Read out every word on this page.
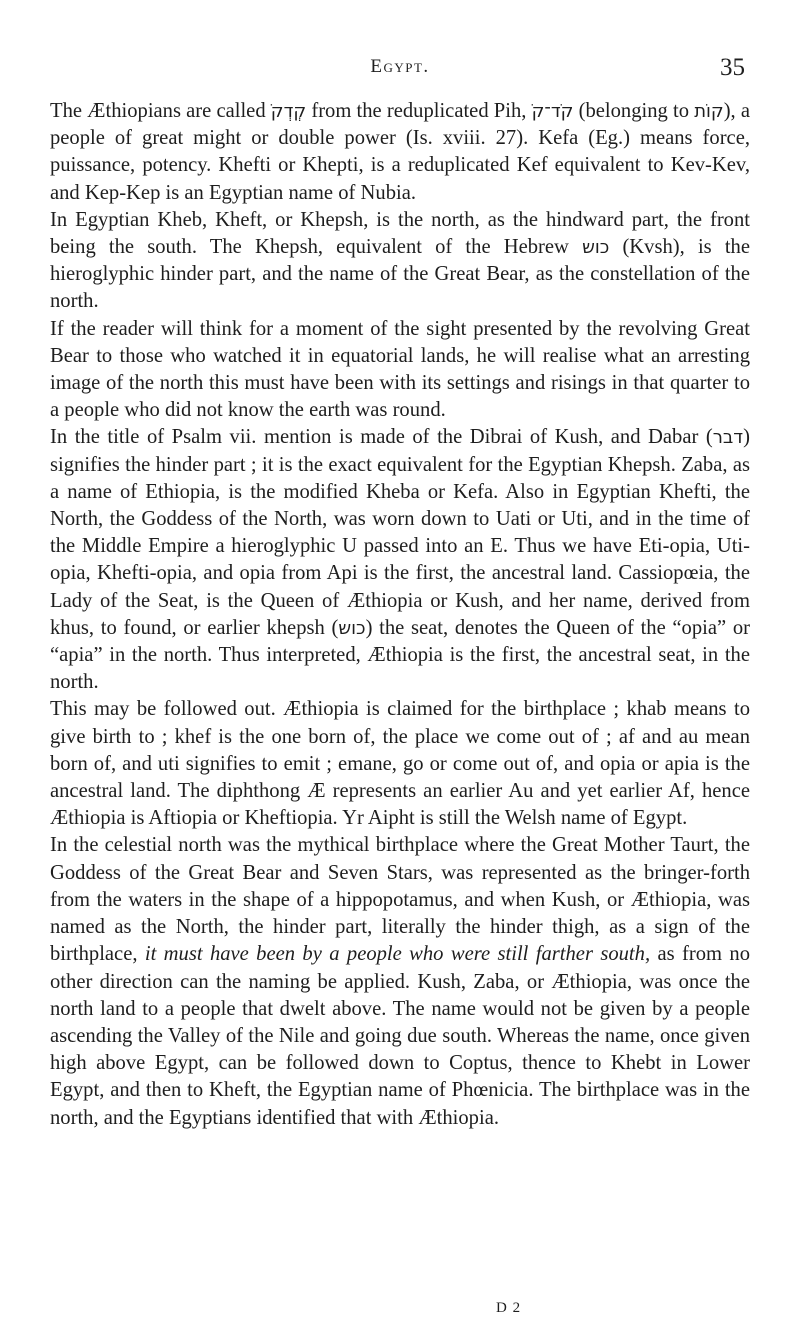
Egypt.	35

The Æthiopians are called קְדְקֹ from the reduplicated Pih, קֹד־קֹ (belonging to קוֹת), a people of great might or double power (Is. xviii. 27). Kefa (Eg.) means force, puissance, potency. Khefti or Khepti, is a reduplicated Kef equivalent to Kev-Kev, and Kep-Kep is an Egyptian name of Nubia.

In Egyptian Kheb, Kheft, or Khepsh, is the north, as the hindward part, the front being the south. The Khepsh, equivalent of the Hebrew כוש (Kvsh), is the hieroglyphic hinder part, and the name of the Great Bear, as the constellation of the north.

If the reader will think for a moment of the sight presented by the revolving Great Bear to those who watched it in equatorial lands, he will realise what an arresting image of the north this must have been with its settings and risings in that quarter to a people who did not know the earth was round.

In the title of Psalm vii. mention is made of the Dibrai of Kush, and Dabar (דבר) signifies the hinder part ; it is the exact equivalent for the Egyptian Khepsh. Zaba, as a name of Ethiopia, is the modified Kheba or Kefa. Also in Egyptian Khefti, the North, the Goddess of the North, was worn down to Uati or Uti, and in the time of the Middle Empire a hieroglyphic U passed into an E. Thus we have Eti-opia, Uti-opia, Khefti-opia, and opia from Api is the first, the ancestral land. Cassiopœia, the Lady of the Seat, is the Queen of Æthiopia or Kush, and her name, derived from khus, to found, or earlier khepsh (כוש) the seat, denotes the Queen of the “opia” or “apia” in the north. Thus interpreted, Æthiopia is the first, the ancestral seat, in the north.

This may be followed out. Æthiopia is claimed for the birthplace ; khab means to give birth to ; khef is the one born of, the place we come out of ; af and au mean born of, and uti signifies to emit ; emane, go or come out of, and opia or apia is the ancestral land. The diphthong Æ represents an earlier Au and yet earlier Af, hence Æthiopia is Aftiopia or Kheftiopia. Yr Aipht is still the Welsh name of Egypt.

In the celestial north was the mythical birthplace where the Great Mother Taurt, the Goddess of the Great Bear and Seven Stars, was represented as the bringer-forth from the waters in the shape of a hippopotamus, and when Kush, or Æthiopia, was named as the North, the hinder part, literally the hinder thigh, as a sign of the birthplace, it must have been by a people who were still farther south, as from no other direction can the naming be applied. Kush, Zaba, or Æthiopia, was once the north land to a people that dwelt above. The name would not be given by a people ascending the Valley of the Nile and going due south. Whereas the name, once given high above Egypt, can be followed down to Coptus, thence to Khebt in Lower Egypt, and then to Kheft, the Egyptian name of Phœnicia. The birthplace was in the north, and the Egyptians identified that with Æthiopia.

D 2
